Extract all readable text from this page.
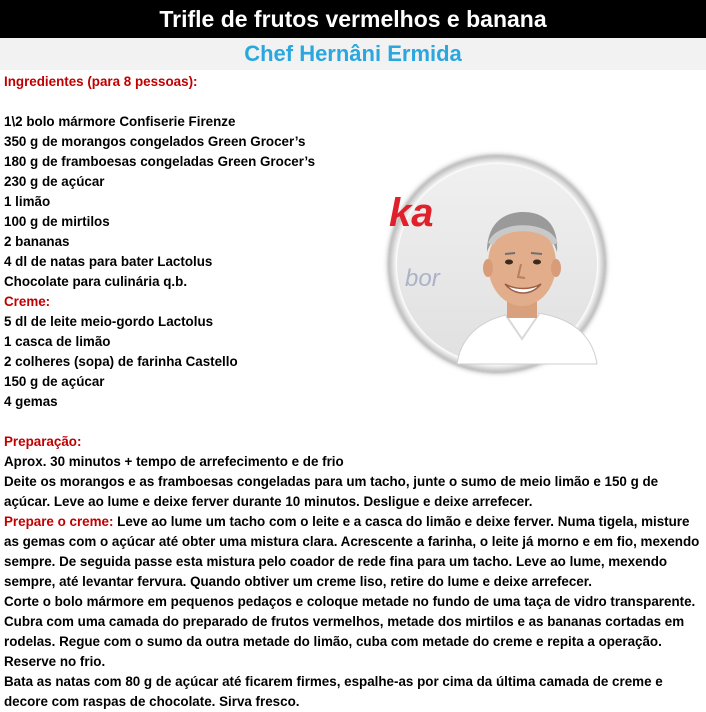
Trifle de frutos vermelhos e banana
Chef Hernâni Ermida
ka
bor
Ingredientes (para 8 pessoas):
1\2 bolo mármore Confiserie Firenze
350 g de morangos congelados Green Grocer’s
180 g de framboesas congeladas Green Grocer’s
230 g de açúcar
1 limão
100 g de mirtilos
2 bananas
4 dl de natas para bater Lactolus
Chocolate para culinária q.b.
Creme:
5 dl de leite meio-gordo Lactolus
1 casca de limão
2 colheres (sopa) de farinha Castello
150 g de açúcar
4 gemas
Preparação:
Aprox. 30 minutos + tempo de arrefecimento e de frio
Deite os morangos e as framboesas congeladas para um tacho, junte o sumo de meio limão e 150 g de açúcar. Leve ao lume e deixe ferver durante 10 minutos. Desligue e deixe arrefecer.
Prepare o creme: Leve ao lume um tacho com o leite e a casca do limão e deixe ferver. Numa tigela, misture as gemas com o açúcar até obter uma mistura clara. Acrescente a farinha, o leite já morno e em fio, mexendo sempre. De seguida passe esta mistura pelo coador de rede fina para um tacho. Leve ao lume, mexendo sempre, até levantar fervura. Quando obtiver um creme liso, retire do lume e deixe arrefecer.
Corte o bolo mármore em pequenos pedaços e coloque metade no fundo de uma taça de vidro transparente.
Cubra com uma camada do preparado de frutos vermelhos, metade dos mirtilos e as bananas cortadas em rodelas. Regue com o sumo da outra metade do limão, cuba com metade do creme e repita a operação. Reserve no frio.
Bata as natas com 80 g de açúcar até ficarem firmes, espalhe-as por cima da última camada de creme e decore com raspas de chocolate. Sirva fresco.
